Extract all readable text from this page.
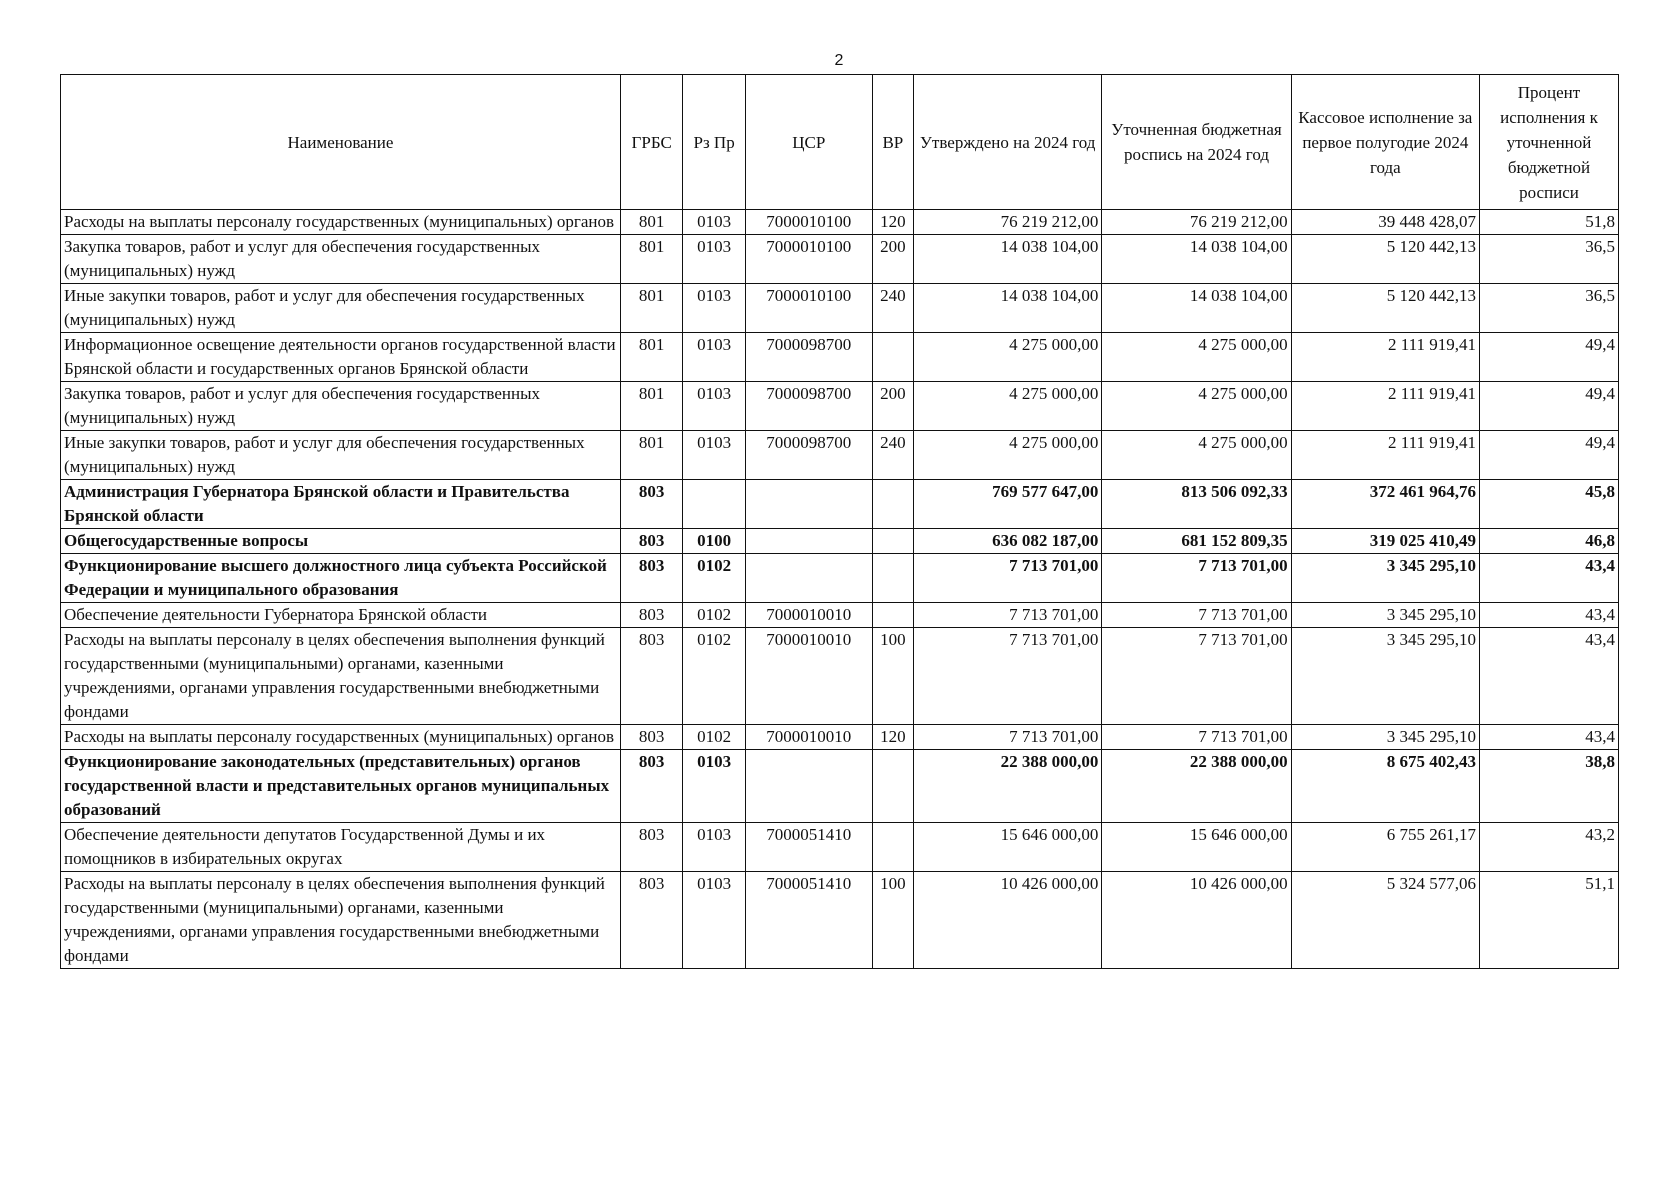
2
Наименование	ГРБС	Рз Пр	ЦСР	ВР	Утверждено на 2024 год	Уточненная бюджетная роспись на 2024 год	Кассовое исполнение за первое полугодие 2024 года	Процент исполнения к уточненной бюджетной росписи
Расходы на выплаты персоналу государственных (муниципальных) органов	801	0103	7000010100	120	76 219 212,00	76 219 212,00	39 448 428,07	51,8
Закупка товаров, работ и услуг для обеспечения государственных (муниципальных) нужд	801	0103	7000010100	200	14 038 104,00	14 038 104,00	5 120 442,13	36,5
Иные закупки товаров, работ и услуг для обеспечения государственных (муниципальных) нужд	801	0103	7000010100	240	14 038 104,00	14 038 104,00	5 120 442,13	36,5
Информационное освещение деятельности органов государственной власти Брянской области и государственных органов Брянской области	801	0103	7000098700		4 275 000,00	4 275 000,00	2 111 919,41	49,4
Закупка товаров, работ и услуг для обеспечения государственных (муниципальных) нужд	801	0103	7000098700	200	4 275 000,00	4 275 000,00	2 111 919,41	49,4
Иные закупки товаров, работ и услуг для обеспечения государственных (муниципальных) нужд	801	0103	7000098700	240	4 275 000,00	4 275 000,00	2 111 919,41	49,4
Администрация Губернатора Брянской области и Правительства Брянской области	803				769 577 647,00	813 506 092,33	372 461 964,76	45,8
Общегосударственные вопросы	803	0100			636 082 187,00	681 152 809,35	319 025 410,49	46,8
Функционирование высшего должностного лица субъекта Российской Федерации и муниципального образования	803	0102			7 713 701,00	7 713 701,00	3 345 295,10	43,4
Обеспечение деятельности Губернатора Брянской области	803	0102	7000010010		7 713 701,00	7 713 701,00	3 345 295,10	43,4
Расходы на выплаты персоналу в целях обеспечения выполнения функций государственными (муниципальными) органами, казенными учреждениями, органами управления государственными внебюджетными фондами	803	0102	7000010010	100	7 713 701,00	7 713 701,00	3 345 295,10	43,4
Расходы на выплаты персоналу государственных (муниципальных) органов	803	0102	7000010010	120	7 713 701,00	7 713 701,00	3 345 295,10	43,4
Функционирование законодательных (представительных) органов государственной власти и представительных органов муниципальных образований	803	0103			22 388 000,00	22 388 000,00	8 675 402,43	38,8
Обеспечение деятельности депутатов Государственной Думы и их помощников в избирательных округах	803	0103	7000051410		15 646 000,00	15 646 000,00	6 755 261,17	43,2
Расходы на выплаты персоналу в целях обеспечения выполнения функций государственными (муниципальными) органами, казенными учреждениями, органами управления государственными внебюджетными фондами	803	0103	7000051410	100	10 426 000,00	10 426 000,00	5 324 577,06	51,1
